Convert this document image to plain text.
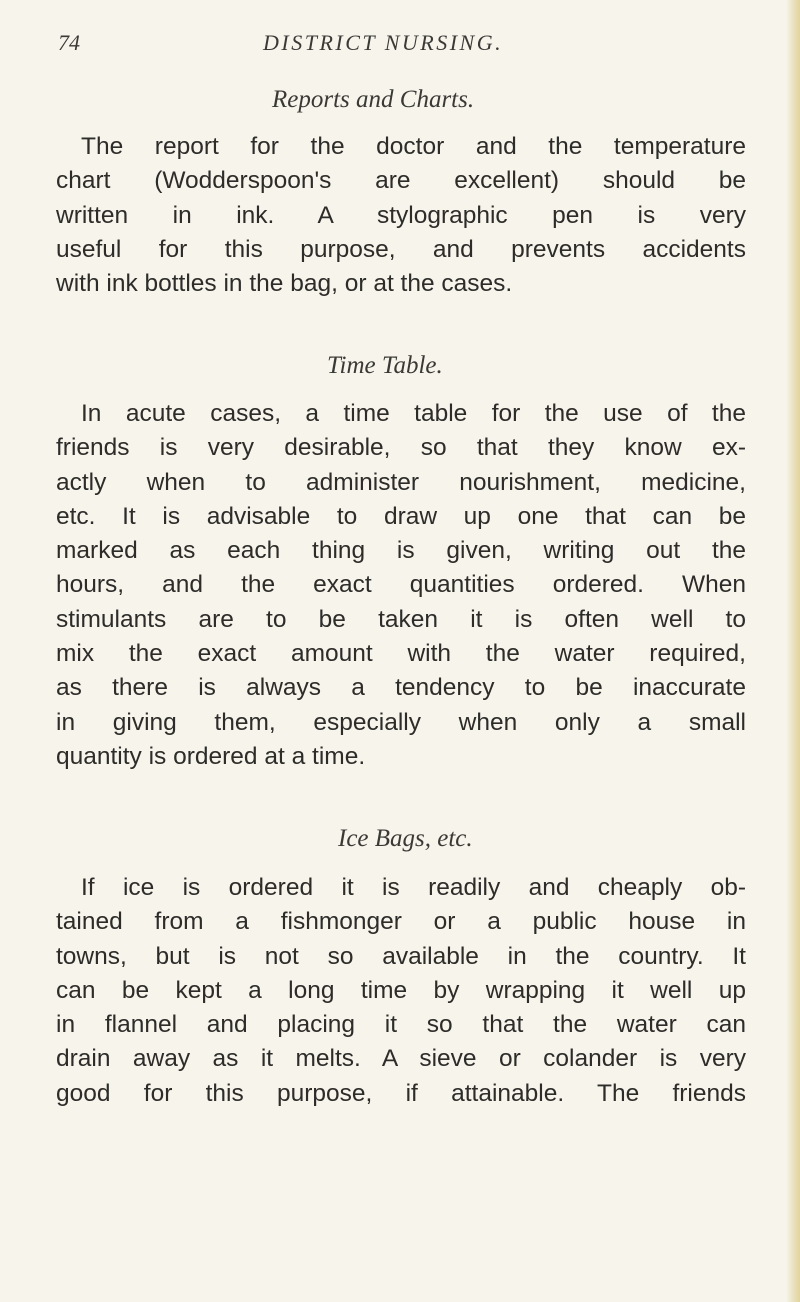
74	DISTRICT NURSING.
Reports and Charts.

The report for the doctor and the temperature
chart (Wodderspoon's are excellent) should be
written in ink. A stylographic pen is very
useful for this purpose, and prevents accidents
with ink bottles in the bag, or at the cases.

Time Table.

In acute cases, a time table for the use of the
friends is very desirable, so that they know ex-
actly when to administer nourishment, medicine,
etc. It is advisable to draw up one that can be
marked as each thing is given, writing out the
hours, and the exact quantities ordered. When
stimulants are to be taken it is often well to
mix the exact amount with the water required,
as there is always a tendency to be inaccurate
in giving them, especially when only a small
quantity is ordered at a time.

Ice Bags, etc.

If ice is ordered it is readily and cheaply ob-
tained from a fishmonger or a public house in
towns, but is not so available in the country. It
can be kept a long time by wrapping it well up
in flannel and placing it so that the water can
drain away as it melts. A sieve or colander is very
good for this purpose, if attainable. The friends
